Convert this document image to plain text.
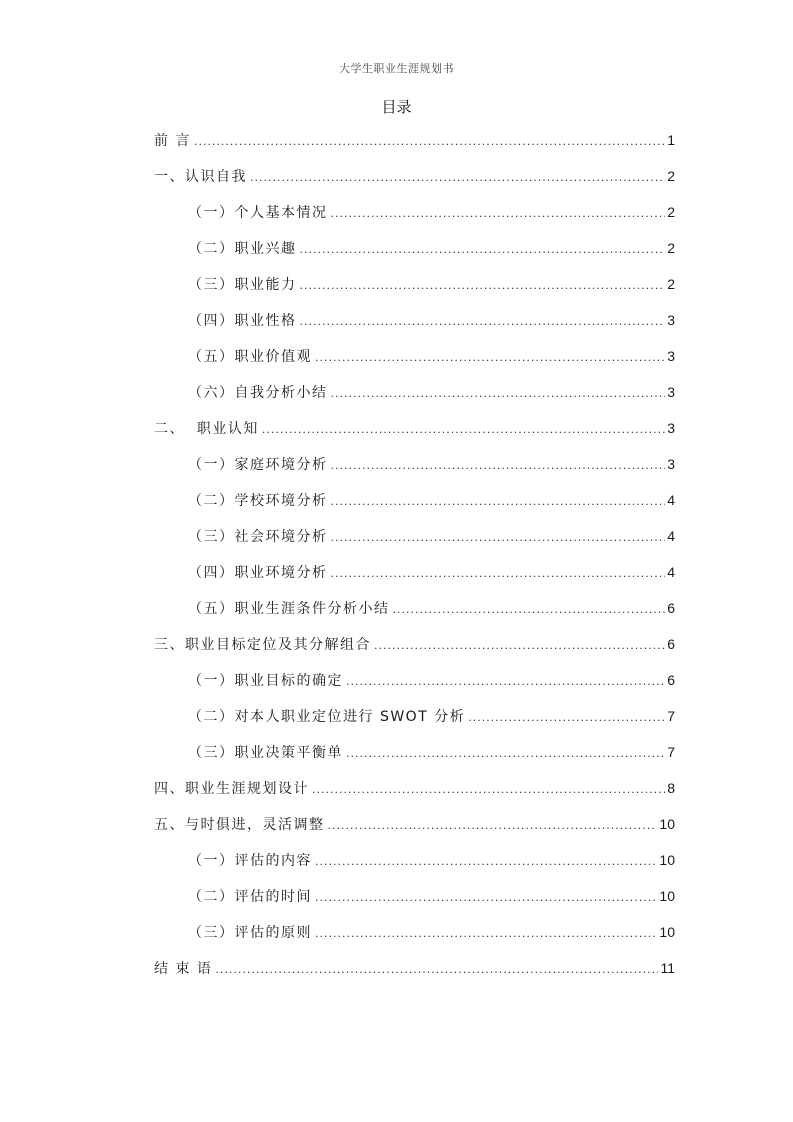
大学生职业生涯规划书
目录
前 言 .....	1
一、认识自我 .....	2
（一）个人基本情况 .....	2
（二）职业兴趣 .....	2
（三）职业能力 .....	2
（四）职业性格 .....	3
（五）职业价值观 .....	3
（六）自我分析小结 .....	3
二、  职业认知 .....	3
（一）家庭环境分析 .....	3
（二）学校环境分析 .....	4
（三）社会环境分析 .....	4
（四）职业环境分析 .....	4
（五）职业生涯条件分析小结 .....	6
三、职业目标定位及其分解组合 .....	6
（一）职业目标的确定 .....	6
（二）对本人职业定位进行 SWOT 分析 .....	7
（三）职业决策平衡单 .....	7
四、职业生涯规划设计 .....	8
五、与时俱进，灵活调整 .....	10
（一）评估的内容 .....	10
（二）评估的时间 .....	10
（三）评估的原则 .....	10
结 束 语 .....	11
